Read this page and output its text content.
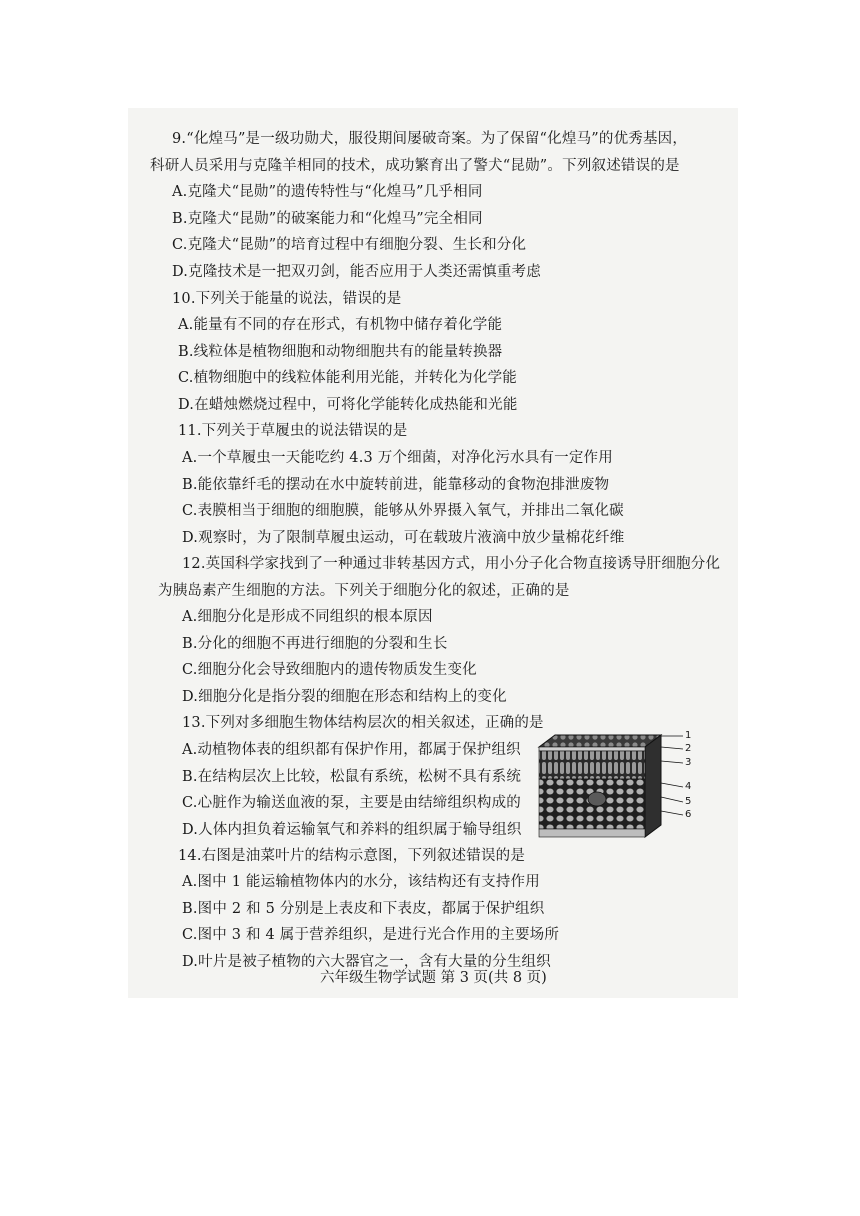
9.“化煌马”是一级功勋犬，服役期间屡破奇案。为了保留“化煌马”的优秀基因，
科研人员采用与克隆羊相同的技术，成功繁育出了警犬“昆勋”。下列叙述错误的是
A.克隆犬“昆勋”的遗传特性与“化煌马”几乎相同
B.克隆犬“昆勋”的破案能力和“化煌马”完全相同
C.克隆犬“昆勋”的培育过程中有细胞分裂、生长和分化
D.克隆技术是一把双刃剑，能否应用于人类还需慎重考虑
10.下列关于能量的说法，错误的是
A.能量有不同的存在形式，有机物中储存着化学能
B.线粒体是植物细胞和动物细胞共有的能量转换器
C.植物细胞中的线粒体能利用光能，并转化为化学能
D.在蜡烛燃烧过程中，可将化学能转化成热能和光能
11.下列关于草履虫的说法错误的是
A.一个草履虫一天能吃约 4.3 万个细菌，对净化污水具有一定作用
B.能依靠纤毛的摆动在水中旋转前进，能靠移动的食物泡排泄废物
C.表膜相当于细胞的细胞膜，能够从外界摄入氧气，并排出二氧化碳
D.观察时，为了限制草履虫运动，可在载玻片液滴中放少量棉花纤维
12.英国科学家找到了一种通过非转基因方式，用小分子化合物直接诱导肝细胞分化
为胰岛素产生细胞的方法。下列关于细胞分化的叙述，正确的是
A.细胞分化是形成不同组织的根本原因
B.分化的细胞不再进行细胞的分裂和生长
C.细胞分化会导致细胞内的遗传物质发生变化
D.细胞分化是指分裂的细胞在形态和结构上的变化
13.下列对多细胞生物体结构层次的相关叙述，正确的是
A.动植物体表的组织都有保护作用，都属于保护组织
B.在结构层次上比较，松鼠有系统，松树不具有系统
C.心脏作为输送血液的泵，主要是由结缔组织构成的
D.人体内担负着运输氧气和养料的组织属于输导组织
14.右图是油菜叶片的结构示意图，下列叙述错误的是
A.图中 1 能运输植物体内的水分，该结构还有支持作用
B.图中 2 和 5 分别是上表皮和下表皮，都属于保护组织
C.图中 3 和 4 属于营养组织，是进行光合作用的主要场所
D.叶片是被子植物的六大器官之一，含有大量的分生组织
1
2
3
4
5
6
六年级生物学试题 第 3 页(共 8 页)
